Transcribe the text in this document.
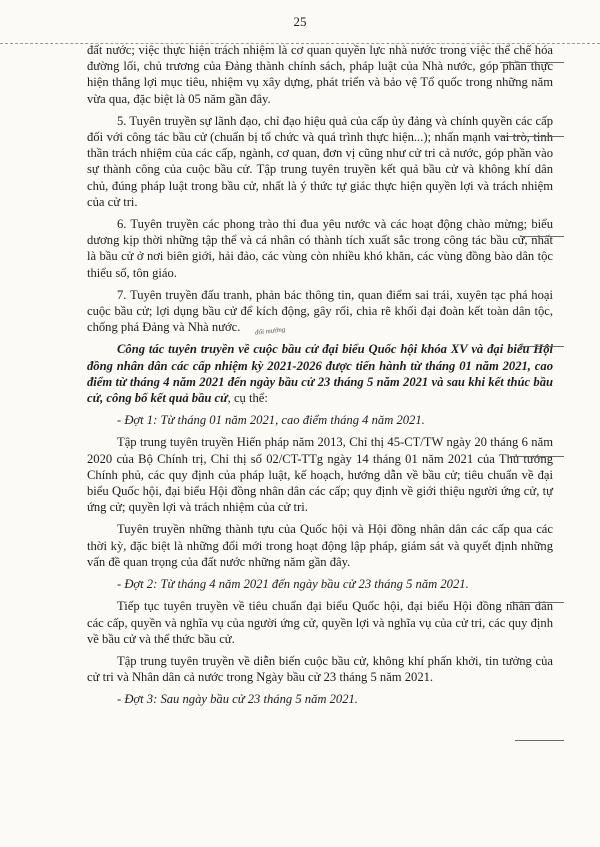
25

đất nước; việc thực hiện trách nhiệm là cơ quan quyền lực nhà nước trong việc thể chế hóa đường lối, chủ trương của Đảng thành chính sách, pháp luật của Nhà nước, góp phần thực hiện thắng lợi mục tiêu, nhiệm vụ xây dựng, phát triển và bảo vệ Tổ quốc trong những năm vừa qua, đặc biệt là 05 năm gần đây.

5. Tuyên truyền sự lãnh đạo, chỉ đạo hiệu quả của cấp ủy đảng và chính quyền các cấp đối với công tác bầu cử (chuẩn bị tổ chức và quá trình thực hiện...); nhấn mạnh vai trò, tinh thần trách nhiệm của các cấp, ngành, cơ quan, đơn vị cũng như cử tri cả nước, góp phần vào sự thành công của cuộc bầu cử. Tập trung tuyên truyền kết quả bầu cử và không khí dân chủ, đúng pháp luật trong bầu cử, nhất là ý thức tự giác thực hiện quyền lợi và trách nhiệm của cử tri.

6. Tuyên truyền các phong trào thi đua yêu nước và các hoạt động chào mừng; biểu dương kịp thời những tập thể và cá nhân có thành tích xuất sắc trong công tác bầu cử, nhất là bầu cử ở nơi biên giới, hải đảo, các vùng còn nhiều khó khăn, các vùng đồng bào dân tộc thiểu số, tôn giáo.

7. Tuyên truyền đấu tranh, phản bác thông tin, quan điểm sai trái, xuyên tạc phá hoại cuộc bầu cử; lợi dụng bầu cử để kích động, gây rối, chia rẽ khối đại đoàn kết toàn dân tộc, chống phá Đảng và Nhà nước.

Công tác tuyên truyền về cuộc bầu cử đại biểu Quốc hội khóa XV và đại biểu Hội đồng nhân dân các cấp nhiệm kỳ 2021-2026 được tiến hành từ tháng 01 năm 2021, cao điểm từ tháng 4 năm 2021 đến ngày bầu cử 23 tháng 5 năm 2021 và sau khi kết thúc bầu cử, công bố kết quả bầu cử, cụ thể:

- Đợt 1: Từ tháng 01 năm 2021, cao điểm tháng 4 năm 2021.

Tập trung tuyên truyền Hiến pháp năm 2013, Chỉ thị 45-CT/TW ngày 20 tháng 6 năm 2020 của Bộ Chính trị, Chỉ thị số 02/CT-TTg ngày 14 tháng 01 năm 2021 của Thủ tướng Chính phủ, các quy định của pháp luật, kế hoạch, hướng dẫn về bầu cử; tiêu chuẩn về đại biểu Quốc hội, đại biểu Hội đồng nhân dân các cấp; quy định về giới thiệu người ứng cử, tự ứng cử; quyền lợi và trách nhiệm của cử tri.

Tuyên truyền những thành tựu của Quốc hội và Hội đồng nhân dân các cấp qua các thời kỳ, đặc biệt là những đổi mới trong hoạt động lập pháp, giám sát và quyết định những vấn đề quan trọng của đất nước những năm gần đây.

- Đợt 2: Từ tháng 4 năm 2021 đến ngày bầu cử 23 tháng 5 năm 2021.

Tiếp tục tuyên truyền về tiêu chuẩn đại biểu Quốc hội, đại biểu Hội đồng nhân dân các cấp, quyền và nghĩa vụ của người ứng cử, quyền lợi và nghĩa vụ của cử tri, các quy định về bầu cử và thể thức bầu cử.

Tập trung tuyên truyền về diễn biến cuộc bầu cử, không khí phấn khởi, tin tưởng của cử tri và Nhân dân cả nước trong Ngày bầu cử 23 tháng 5 năm 2021.

- Đợt 3: Sau ngày bầu cử 23 tháng 5 năm 2021.

đổi mướng
